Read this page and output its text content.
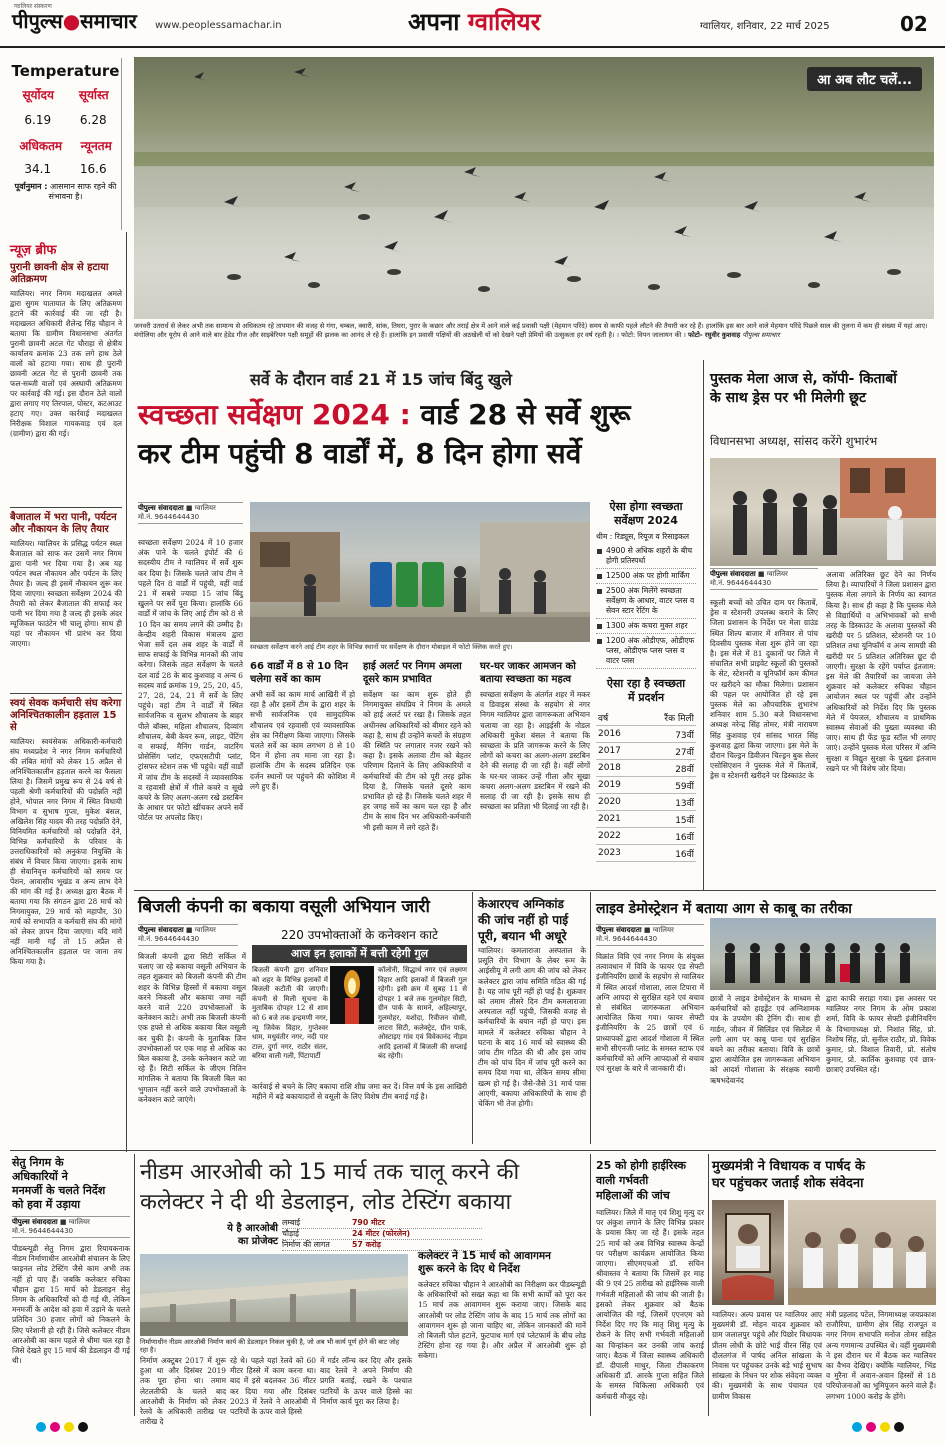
पीपुल्स●समाचार
ग्वालियर संस्करण
www.peoplessamachar.in	अपना ग्वालियर	ग्वालियर, शनिवार, 22 मार्च 2025	02
Temperature
सूर्योदय सूर्यास्त
6.19 6.28
अधिकतम न्यूनतम
34.1 16.6
पूर्वानुमान : आसमान साफ रहने की संभावना है।
आ अब लौट चलें...
जनवरी उतरार्ध से लेकर अभी तक सामान्य से अधिकतम रहे तापमान की वजह से गंगा, चम्बल, क्वारी, सांक, तिघरा, पुरार के कछार और तराई क्षेत्र में आने वाले कई प्रवासी पक्षी (मेहमान परिंदे) समय से काफी पहले लौटने की तैयारी कर रहे हैं। हालांकि इस बार आने वाले मेहमान परिंदे पिछले साल की तुलना में कम ही संख्या में यहां आए। मंगोलिया और यूरोप से आने वाले बार हेडेड गीज और साइबेरियन पक्षी समूहों की झलक का आनंद ले रहे हैं। हालांकि इन प्रवासी पक्षियों की अठखेली यों को देखने पक्षी प्रेमियों की उत्सुकता हर वर्ष रहती है। । फोटो: विपन जालायन की । फोटो- रघुवीर कुशवाह पीपुल्स समाचार
न्यूज़ ब्रीफ
पुरानी छावनी क्षेत्र से हटाया अतिक्रमण
ग्वालियर। नगर निगम मदाखलत अमले द्वारा सुगम यातायात के लिए अतिक्रमण हटाने की कार्रवाई की जा रही है। मदाखलत अधिकारी शैलेन्द्र सिंह चौहान ने बताया कि ग्रामीण विधानसभा अंतर्गत पुरानी छावनी अटल गेट चौराहा से क्षेत्रीय कार्यालय क्रमांक 23 तक लगे हाथ ठेले वालों को हटाया गया। साथ ही पुरानी छावनी अटल गेट से पुरानी छावनी तक फल-सब्जी वालों एवं अस्थायी अतिक्रमण पर कार्रवाई की गई। इस दौरान ठेले वालों द्वारा लगाए गए तिरपाल, पोस्टर, कटआउट हटाए गए। उक्त कार्रवाई मदाखलत निरीक्षक विशाल गायकवाड़ एवं दल (ग्रामीण) द्वारा की गई।
बैजाताल में भरा पानी, पर्यटन और नौकायन के लिए तैयार
ग्वालियर। ग्वालियर के प्रसिद्ध पर्यटन स्थल बैजाताल को साफ कर उसमें नगर निगम द्वारा पानी भर दिया गया है। अब यह पर्यटन स्थल नौकायन और पर्यटन के लिए तैयार है। जल्द ही इसमें नौकायन शुरू कर दिया जाएगा। स्वच्छता सर्वेक्षण 2024 की तैयारी को लेकर बैजाताल की सफाई कर पानी भर दिया गया है जल्द ही इसके अंदर म्यूजिकल फाउंटेन भी चालू होगा। साथ ही यहां पर नौकायन भी प्रारंभ कर दिया जाएगा।
स्वयं सेवक कर्मचारी संघ करेगा अनिश्चितकालीन हड़ताल 15 से
ग्वालियर। स्वयंसेवक अधिकारी-कर्मचारी संघ मध्यप्रदेश ने नगर निगम कर्मचारियों की लंबित मांगों को लेकर 15 अप्रैल से अनिश्चितकालीन हड़ताल करने का फैसला लिया है। जिसमें प्रमुख रूप से 24 वर्ष से पहली श्रेणी कर्मचारियों की पदोन्नति नहीं होने, भोपाल नगर निगम में स्थित विधायी विभाग व सुभाष गुप्ता, मुकेश बंसल, अखिलेश सिंह यादव की तरह पदोन्नति देने, विनियमित कर्मचारियों को पदोन्नति देने, विभिन्न कर्मचारियों के परिवार के उत्तराधिकारियों को अनुकंपा नियुक्ति के संबंध में विचार किया जाएगा। इसके साथ ही सेवानिवृत्त कर्मचारियों को समय पर पेंशन, आवासीय भूखंड व अन्य लाभ देने की मांग की गई है। अध्यक्ष द्वारा बैठक में बताया गया कि संगठन द्वारा 28 मार्च को निगमायुक्त, 29 मार्च को महापौर, 30 मार्च को सभापति व कर्मचारी संघ की मांगों को लेकर ज्ञापन दिया जाएगा। यदि मांगें नहीं मानी गईं तो 15 अप्रैल से अनिश्चितकालीन हड़ताल पर जाना तय किया गया है।
सर्वे के दौरान वार्ड 21 में 15 जांच बिंदु खुले
स्वच्छता सर्वेक्षण 2024 : वार्ड 28 से सर्वे शुरू
कर टीम पहुंची 8 वार्डों में, 8 दिन होगा सर्वे
पीपुल्स संवाददाता ■ ग्वालियर
मो.नं. 9644644430
स्वच्छता सर्वेक्षण 2024 में 10 हजार अंक पाने के चलते इंपोर्ट की 6 सदस्यीय टीम ने ग्वालियर में सर्वे शुरू कर दिया है। जिसके चलते जांच टीम ने पहले दिन 8 वार्डों में पहुंची, वहीं वार्ड 21 में सबसे ज्यादा 15 जांच बिंदु खुलने पर सर्वे पूरा किया। हालांकि 66 वार्डों में जांच के लिए आई टीम को 8 से 10 दिन का समय लगने की उम्मीद है। केन्द्रीय शहरी विकास मंत्रालय द्वारा भेजा सर्वे दल अब शहर के वार्डों में साफ सफाई के विभिन्न मानकों की जांच करेगा। जिसके तहत सर्वेक्षण के चलते दल वार्ड 28 के बाद कुशवाह व अन्य 6 सदस्य वार्ड क्रमांक 19, 25, 20, 45, 27, 28, 24, 21 में सर्वे के लिए पहुंचे। वहां टीम ने वार्डों में स्थित सार्वजनिक व सुलभ शौचालय के बाहर पीले बॉक्स, महिला शौचालय, दिव्यांग शौचालय, बेबी केयर रूम, लाइट, पेंटिंग व सफाई, मैनिंग गार्डन, वाटरिंग प्रोसेसिंग प्लांट, एफएसटीपी प्लांट, ट्रांसफर स्टेशन तक भी पहुंचे। वहीं वार्डों में जांच टीम के सदस्यों ने व्यावसायिक व रहवासी क्षेत्रों में गीले कचरे व सूखे कचरे के लिए अलग-अलग रखे डस्टबिन के आधार पर फोटो खींचकर अपने सर्वे पोर्टल पर अपलोड किए।
स्वच्छता सर्वेक्षण करने आई टीम शहर के विभिन्न स्थानों पर सर्वेक्षण के दौरान मोबाइल में फोटो क्लिक करते हुए।
66 वार्डों में 8 से 10 दिन चलेगा सर्वे का काम
अभी सर्वे का काम मार्च आखिरी में हो रहा है और इसमें टीम के द्वारा शहर के सभी सार्वजनिक एवं सामुदायिक शौचालय एवं रहवासी एवं व्यावसायिक क्षेत्र का निरीक्षण किया जाएगा। जिसके चलते सर्वे का काम लगभग 8 से 10 दिन में होना तय माना जा रहा है। हालांकि टीम के सदस्य प्रतिदिन एक दर्जन स्थानों पर पहुंचने की कोशिश में लगे हुए हैं।
हाई अलर्ट पर निगम अमला दूसरे काम प्रभावित
सर्वेक्षण का काम शुरू होते ही निगमायुक्त संघप्रिय ने निगम के अमले को हाई अलर्ट पर रखा है। जिसके तहत अधीनस्थ अधिकारियों को बीमार रहने को कहा है, साथ ही उन्होंने कचरों के संग्रहण की स्थिति पर लगातार नजर रखने को कहा है। इसके अलावा टीम को बेहतर परिणाम दिलाने के लिए अधिकारियों व कर्मचारियों की टीम को पूरी तरह झोंक दिया है, जिसके चलते दूसरे काम प्रभावित हो रहे हैं। जिसके चलते शहर में हर जगह सर्वे का काम चल रहा है और टीम के साथ दिन भर अधिकारी-कर्मचारी भी इसी काम में लगे रहते हैं।
घर-घर जाकर आमजन को बताया स्वच्छता का महत्व
स्वच्छता सर्वेक्षण के अंतर्गत शहर में मकर व डिवाइस संस्था के सहयोग से नगर निगम ग्वालियर द्वारा जागरूकता अभियान चलाया जा रहा है। आइईसी के नोडल अधिकारी मुकेश बंसल ने बताया कि स्वच्छता के प्रति जागरूक करने के लिए लोगों को कचरा का अलग-अलग डस्टबिन देने की सलाह दी जा रही है। वहीं लोगों के घर-घर जाकर उन्हें गीला और सूखा कचरा अलग-अलग डस्टबिन में रखने की सलाह दी जा रही है। इसके साथ ही स्वच्छता का प्रतिज्ञा भी दिलाई जा रही है।
ऐसा होगा स्वच्छता
सर्वेक्षण 2024
थीम : रिड्यूस, रियूज व रिसाइकल
4900 से अधिक शहरों के बीच होगी प्रतिस्पर्धा
12500 अंक पर होगी मार्किंग
2500 अंक मिलेंगे स्वच्छता सर्वेक्षण के आधार, वाटर प्लस व सेवन स्टार रेटिंग के
1300 अंक कचरा मुक्त शहर
1200 अंक ओडीएफ, ओडीएफ प्लस, ओडीएफ प्लस प्लस व वाटर प्लस
ऐसा रहा है स्वच्छता
में प्रदर्शन
वर्ष	रैंक मिली
2016	73वीं
2017	27वीं
2018	28वीं
2019	59वीं
2020	13वीं
2021	15वीं
2022	16वीं
2023	16वीं
पुस्तक मेला आज से, कॉपी- किताबों
के साथ ड्रेस पर भी मिलेगी छूट
विधानसभा अध्यक्ष, सांसद करेंगे शुभारंभ
पीपुल्स संवाददाता ■ ग्वालियर
मो.नं. 9644644430
स्कूली बच्चों को उचित दाम पर किताबें, ड्रेस व स्टेशनरी उपलब्ध कराने के लिए जिला प्रशासन के निर्देश पर मेला ग्राउंड स्थित शिल्प बाजार में शनिवार से पांच दिवसीय पुस्तक मेला शुरू होने जा रहा है। इस मेले में 81 दुकानों पर जिले में संचालित सभी प्राइवेट स्कूलों की पुस्तकों के सेट, स्टेशनरी व यूनिफॉर्म कम कीमत पर खरीदने का मौका मिलेगा। प्रशासन की पहल पर आयोजित हो रहे इस पुस्तक मेले का औपचारिक शुभारंभ शनिवार शाम 5.30 बजे विधानसभा अध्यक्ष नरेन्द्र सिंह तोमर, मंत्री नारायण सिंह कुशवाह एवं सांसद भारत सिंह कुशवाह द्वारा किया जाएगा। इस मेले के दौरान चिल्ड्रन डिवीजन चिल्ड्रन बुक सेलर एसोसिएशन ने पुस्तक मेले में किताबें, ड्रेस व स्टेशनरी खरीदने पर डिस्काउंट के
अलावा अतिरिक्त छूट देने का निर्णय लिया है। व्यापारियों ने जिला प्रशासन द्वारा पुस्तक मेला लगाने के निर्णय का स्वागत किया है। साथ ही कहा है कि पुस्तक मेले से विद्यार्थियों व अभिभावकों को सभी तरह के डिस्काउंट के अलावा पुस्तकों की खरीदी पर 5 प्रतिशत, स्टेशनरी पर 10 प्रतिशत तथा यूनिफॉर्म व अन्य सामग्री की खरीदी पर 5 प्रतिशत अतिरिक्त छूट दी जाएगी। सुरक्षा के रहेंगे पर्याप्त इंतजाम: इस मेले की तैयारियों का जायजा लेने शुक्रवार को कलेक्टर रुचिका चौहान आयोजन स्थल पर पहुंचीं और उन्होंने अधिकारियों को निर्देश दिए कि पुस्तक मेले में पेयजल, शौचालय व प्राथमिक स्वास्थ्य सेवाओं की पुख्ता व्यवस्था की जाए। साथ ही फेंड फूड स्टॉल भी लगाए जाएं। उन्होंने पुस्तक मेला परिसर में अग्नि सुरक्षा व विद्युत सुरक्षा के पुख्ता इंतजाम रखने पर भी विशेष जोर दिया।
बिजली कंपनी का बकाया वसूली अभियान जारी
पीपुल्स संवाददाता ■ ग्वालियर
मो.नं. 9644644430	220 उपभोक्ताओं के कनेक्शन काटे
आज इन इलाकों में बत्ती रहेगी गुल
बिजली कंपनी द्वारा शनिवार को शहर के विभिन्न इलाकों में बिजली कटौती की जाएगी। कंपनी से मिली सूचना के मुताबिक दोपहर 12 से शाम को 6 बजे तक इन्द्रमणी नगर, न्यू जिवेक विहार, गुप्तेश्वर धाम, मधुवंतीर नगर, नदी पार टाल, दुर्गा नगर, राठौर संतर, बरिया वाली गली, पिंटापार्टी
कॉलोनी, सिद्धार्थ नगर एवं लक्ष्मण विहार आदि इलाकों में बिजली गुल रहेगी। इसी क्रम में सुबह 11 से दोपहर 1 बजे तक गुलमोहर सिटी, ग्रीन पार्क के सामने, अहिल्यापुर, गुलमोहर, यशोदा, रिवीजन वोसी, लाटरा सिटी, कलेक्ट्रेट, ग्रीन पार्क, ओस्टाइए गांव एवं विवेकानंद नीड़म आदि इलाकों में बिजली की सप्लाई बंद रहेगी।
बिजली कंपनी द्वारा सिटी सर्किल में चलाए जा रहे बकाया वसूली अभियान के तहत शुक्रवार को बिजली कंपनी की टीम शहर के विभिन्न हिस्सों में बकाया वसूल करने निकली और बकाया जमा नहीं करने वाले 220 उपभोक्ताओं के कनेक्शन काटे। अभी तक बिजली कंपनी एक हफ्ते से अधिक बकाया बिल वसूली कर चुकी है। कंपनी के मुताबिक जिन उपभोक्ताओं पर एक माह से अधिक का बिल बकाया है, उनके कनेक्शन काटे जा रहे हैं। सिटी सर्किल के जीएम नितिन मांगलिक ने बताया कि बिजली बिल का भुगतान नहीं करने वाले उपभोक्ताओं के कनेक्शन काटे जाएंगे।
कार्रवाई से बचने के लिए बकाया राशि शीघ्र जमा कर दें। वित्त वर्ष के इस आखिरी महीने में बड़े बकायादारों से वसूली के लिए विशेष टीम बनाई गई है।
केआरएच अग्निकांड
की जांच नहीं हो पाई
पूरी, बयान भी अधूरे
ग्वालियर। कमलाराजा अस्पताल के प्रसूति रोग विभाग के लेबर रूम के आईसीयू में लगी आग की जांच को लेकर कलेक्टर द्वारा जांच समिति गठित की गई है। यह जांच पूरी नहीं हो पाई है। शुक्रवार को तमाम तीसरे दिन टीम कमलाराजा अस्पताल नहीं पहुंची, जिसकी वजह से कर्मचारियों के बयान नहीं हो पाए। इस मामले में कलेक्टर रुचिका चौहान ने घटना के बाद 16 मार्च को स्वास्थ्य की जांच टीम गठित की थी और इस जांच टीम को पांच दिन में जांच पूरी करने का समय दिया गया था, लेकिन समय सीमा खत्म हो गई है। जैसे-जैसे 31 मार्च पास आएगी, बकाया अधिकारियों के साथ ही चेकिंग भी तेज होगी।
लाइव डेमोस्ट्रेशन में बताया आग से काबू का तरीका
पीपुल्स संवाददाता ■ ग्वालियर
मो.नं. 9644644430
विक्रांत विवि एवं नगर निगम के संयुक्त तत्वावधान में विवि के फायर एंड सेफ्टी इंजीनियरिंग छात्रों के सहयोग से ग्वालियर में स्थित आदर्श गोशाला, लाल टिपारा में अग्नि आपदा से सुरक्षित रहने एवं बचाव से संबंधित जागरूकता अभियान आयोजित किया गया। फायर सेफ्टी इंजीनियरिंग के 25 छात्रों एवं 6 प्राध्यापकों द्वारा आदर्श गोशाला में स्थित सभी सीएनजी प्लांट के समस्त स्टाफ एवं कर्मचारियों को अग्नि आपदाओं से बचाव एवं सुरक्षा के बारे में जानकारी दी।
छात्रों ने लाइव डेमोस्ट्रेशन के माध्यम से कर्मचारियों को हाइड्रेंट एवं अग्निशामक यंत्र के उपयोग की ट्रेनिंग दी। साथ ही गार्डन, जीवन में सिलिंडर एवं सिलेंडर में लगी आग पर काबू पाना एवं सुरक्षित बचने का तरीका बताया। विवि के छात्रों द्वारा आयोजित इस जागरूकता अभियान को आदर्श गोशाला के संरक्षक स्वामी ऋषभदेवानंद
द्वारा काफी सराहा गया। इस अवसर पर ग्वालियर नगर निगम के ओम प्रकाश शर्मा, विवि के फायर सेफ्टी इंजीनियरिंग के विभागाध्यक्ष प्रो. निशांत सिंह, प्रो. निशोष सिंह, प्रो. सुनील राठौर, प्रो. विवेक कुमार, प्रो. विशाल तिवारी, प्रो. संतोष कुमार, प्रो. कार्तिक कुशवाह एवं छात्र-छात्राएं उपस्थित रहे।
सेतु निगम के
अधिकारियों ने
मनमर्जी के चलते निर्देश
को हवा में उड़ाया
पीपुल्स संवाददाता ■ ग्वालियर
मो.नं. 9644644430
पीडब्ल्यूडी सेतु निगम द्वारा रियायकनाक नीडम निर्माणाधीन आरओबी संचालन के लिए फाइनल लोड टेस्टिंग जैसे काम अभी तक नहीं हो पाए हैं। जबकि कलेक्टर रुचिका चौहान द्वारा 15 मार्च को डेडलाइन सेतु निगम के अधिकारियों को दी गई थी, लेकिन मनमर्जी के आदेश को हवा में उड़ाने के चलते प्रतिदिन 30 हजार लोगों को निकलने के लिए परेशानी हो रही है। जिसे कलेक्टर नीडम आरओबी का काम पहले से धीमा चल रहा है जिसे देखते हुए 15 मार्च की डेडलाइन दी गई थी।
नीडम आरओबी को 15 मार्च तक चालू करने की
कलेक्टर ने दी थी डेडलाइन, लोड टेस्टिंग बकाया
ये है आरओबी
का प्रोजेक्ट
लम्बाई	790 मीटर
चौड़ाई	24 मीटर (फोरलेन)
निर्माण की लागत	57 करोड़
निर्माणाधीन नीडम आरओबी निर्माण कार्य की डेडलाइन निकल चुकी है, जो अब भी कार्य पूर्ण होने की बाट जोह रहा है।
कलेक्टर ने 15 मार्च को आवागमन
शुरू करने के दिए थे निर्देश
कलेक्टर रुचिका चौहान ने आरओबी का निरीक्षण कर पीडब्ल्यूडी के अधिकारियों को सख्त कहा था कि सभी कार्यों को पूरा कर 15 मार्च तक आवागमन शुरू कराया जाए। जिसके बाद आरओबी पर लोड टेस्टिंग जांच के बाद 15 मार्च तक लोगों का आवागमन शुरू हो जाना चाहिए था, लेकिन जानकारों की मानें तो बिजली पोल हटाने, फुटपाथ मार्ग एवं प्लेटफार्म के बीच लोड टेस्टिंग होना रह गया है। और अप्रैल में आरओबी शुरू हो सकेगा।
निर्माण अक्टूबर 2017 में शुरू हुआ था और दिसंबर 2019 तक पूरा होना था। तमाम लेटलतीफी के चलते बाद आरओबी के निर्माण को लेकर रेलवे के अधिकारी तारीख पर तारीख दे
रहे थे। पहले यहां रेलवे को 60 मीटर हिस्से में काम करना था। बाद में इसे बदलकर 36 मीटर कर दिया गया और दिसंबर 2023 में रेलवे ने आरओबी में पटरियों के ऊपर वाले हिस्से
में गर्डर लॉन्च कर दिए और इसके बाद रेलवे ने अपने निर्माण की प्रगति बताई, रखने के पश्चात पटरियों के ऊपर वाले हिस्से का निर्माण कार्य पूरा कर लिया है।
25 को होगी हाईरिस्क
वाली गर्भवती
महिलाओं की जांच
ग्वालियर। जिले में मातृ एवं शिशु मृत्यु दर पर अंकुश लगाने के लिए विभिन्न प्रकार के प्रयास किए जा रहे हैं। इसके तहत 25 मार्च को अब विभिन्न स्वास्थ्य केन्द्रों पर परीक्षण कार्यक्रम आयोजित किया जाएगा। सीएमएचओ डॉ. सचिन श्रीवास्तव ने बताया कि जिसमें हर माह की 9 एवं 25 तारीख को हाईरिस्क वाली गर्भवती महिलाओं की जांच की जाती है। इसको लेकर शुक्रवार को बैठक आयोजित की गई, जिसमें एएनएम को निर्देश दिए गए कि मातृ शिशु मृत्यु के रोकने के लिए सभी गर्भवती महिलाओं का चिन्हांकन कर उनकी जांच कराई जाए। बैठक में जिला स्वास्थ्य अधिकारी डॉ. दीपाली माथुर, जिला टीकाकरण अधिकारी डॉ. आरके गुप्ता सहित जिले के समस्त चिकित्सा अधिकारी एवं कर्मचारी मौजूद रहे।
मुख्यमंत्री ने विधायक व पार्षद के
घर पहुंचकर जताई शोक संवेदना
ग्वालियर। अल्प प्रवास पर ग्वालियर आए मुख्यमंत्री डॉ. मोहन यादव शुक्रवार को ग्राम जलालपुर पहुंचे और पिछोर विधायक प्रीतम लोधी के छोटे भाई वीरन सिंह एवं दौलतगंज में पार्षद अनिल सांखला के निवास पर पहुंचकर उनके बड़े भाई सुभाष सांखला के निधन पर शोक संवेदना व्यक्त की। मुख्यमंत्री के साथ पंचायत एवं ग्रामीण विकास
मंत्री प्रहलाद पटेल, निगमाध्यक्ष जयप्रकाश राजौरिया, ग्रामीण क्षेत्र सिंह राजपूत व नगर निगम सभापति मनोज तोमर सहित अन्य गणमान्य उपस्थित थे। वहीं मुख्यमंत्री ने इस दौरान घर में बैठक कर ग्वालियर का वैभव देखिए। क्योंकि ग्वालियर, भिंड व मुरैना में अवान-अवान हिस्सों से 18 परियोजनाओं का भूमिपूजन करने वाले हैं। लगभग 1000 करोड़ के होंगे।
